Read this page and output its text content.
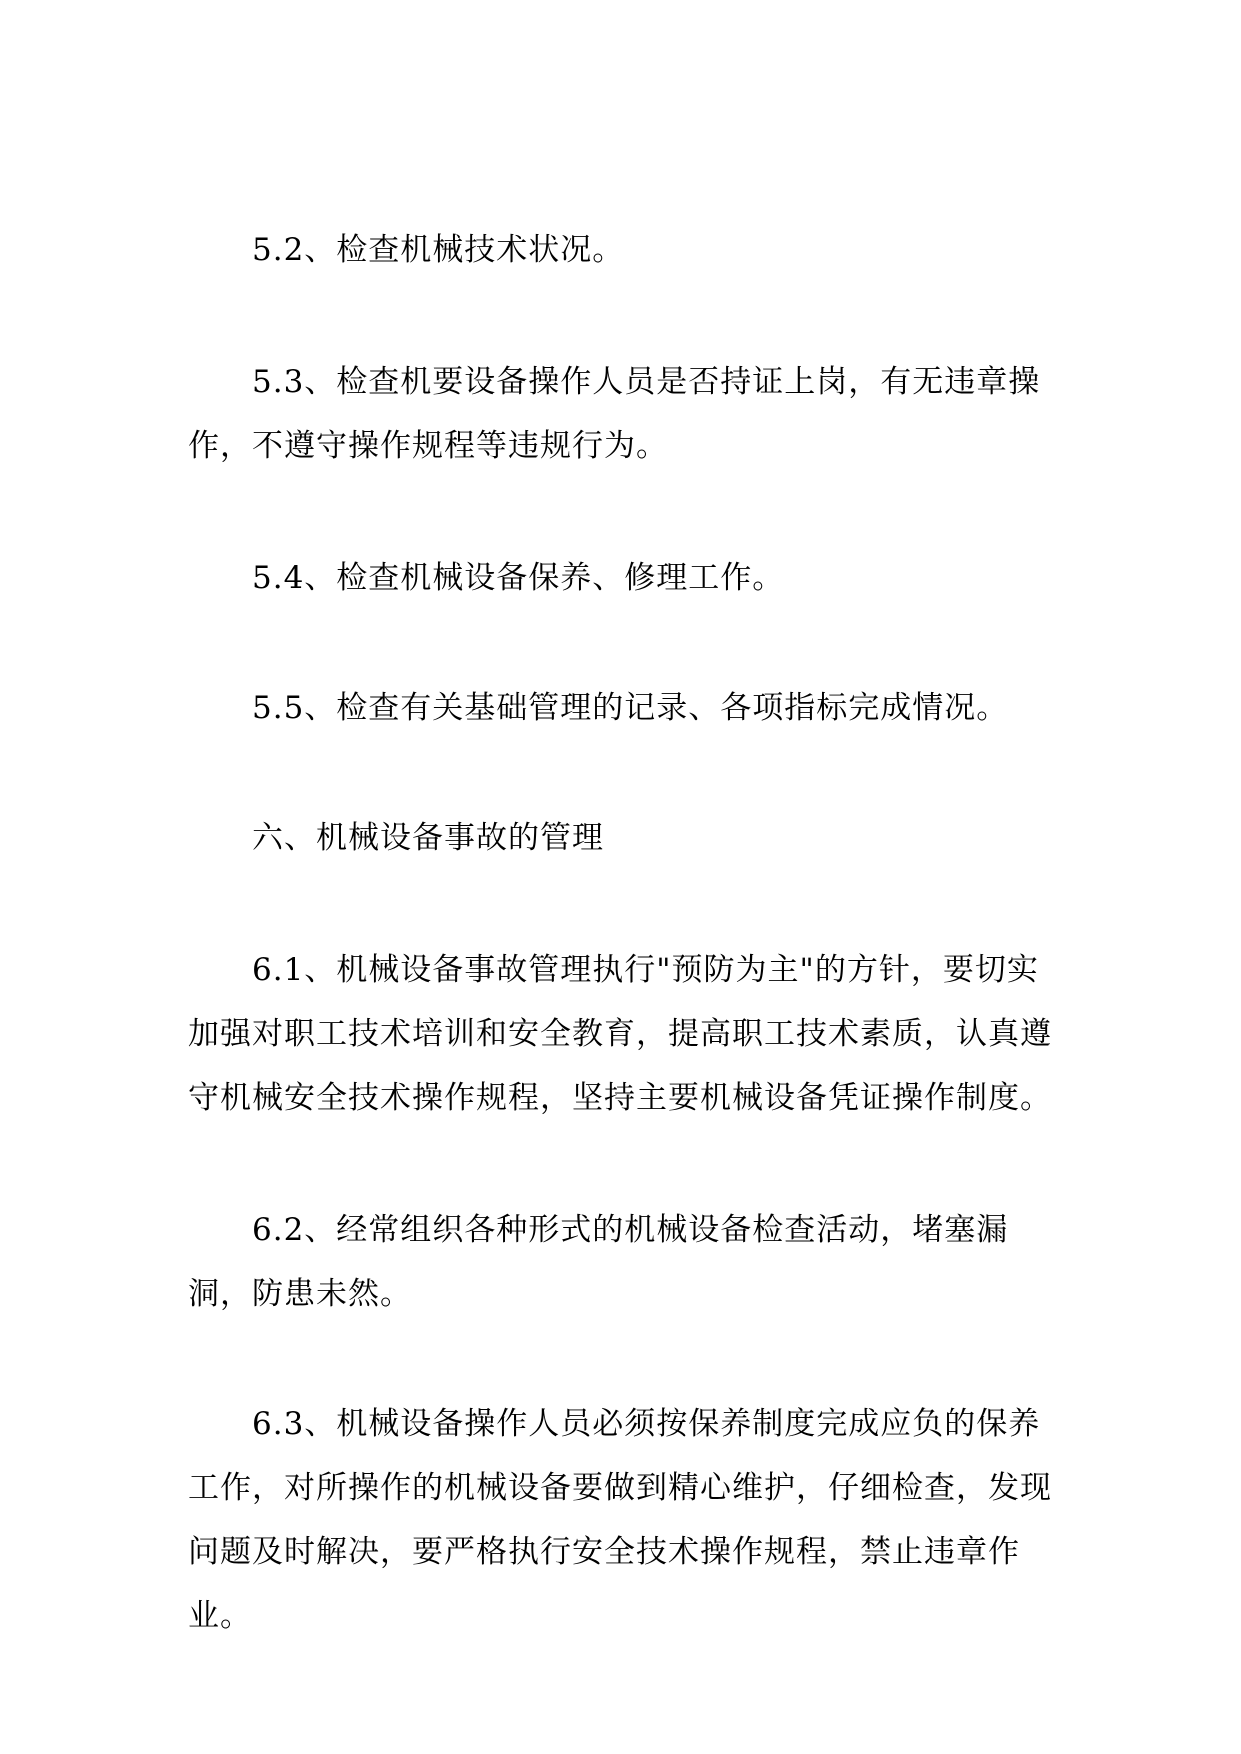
5.2、检查机械技术状况。

5.3、检查机要设备操作人员是否持证上岗，有无违章操作，不遵守操作规程等违规行为。

5.4、检查机械设备保养、修理工作。

5.5、检查有关基础管理的记录、各项指标完成情况。

六、机械设备事故的管理

6.1、机械设备事故管理执行"预防为主"的方针，要切实加强对职工技术培训和安全教育，提高职工技术素质，认真遵守机械安全技术操作规程，坚持主要机械设备凭证操作制度。

6.2、经常组织各种形式的机械设备检查活动，堵塞漏洞，防患未然。

6.3、机械设备操作人员必须按保养制度完成应负的保养工作，对所操作的机械设备要做到精心维护，仔细检查，发现问题及时解决，要严格执行安全技术操作规程，禁止违章作业。
